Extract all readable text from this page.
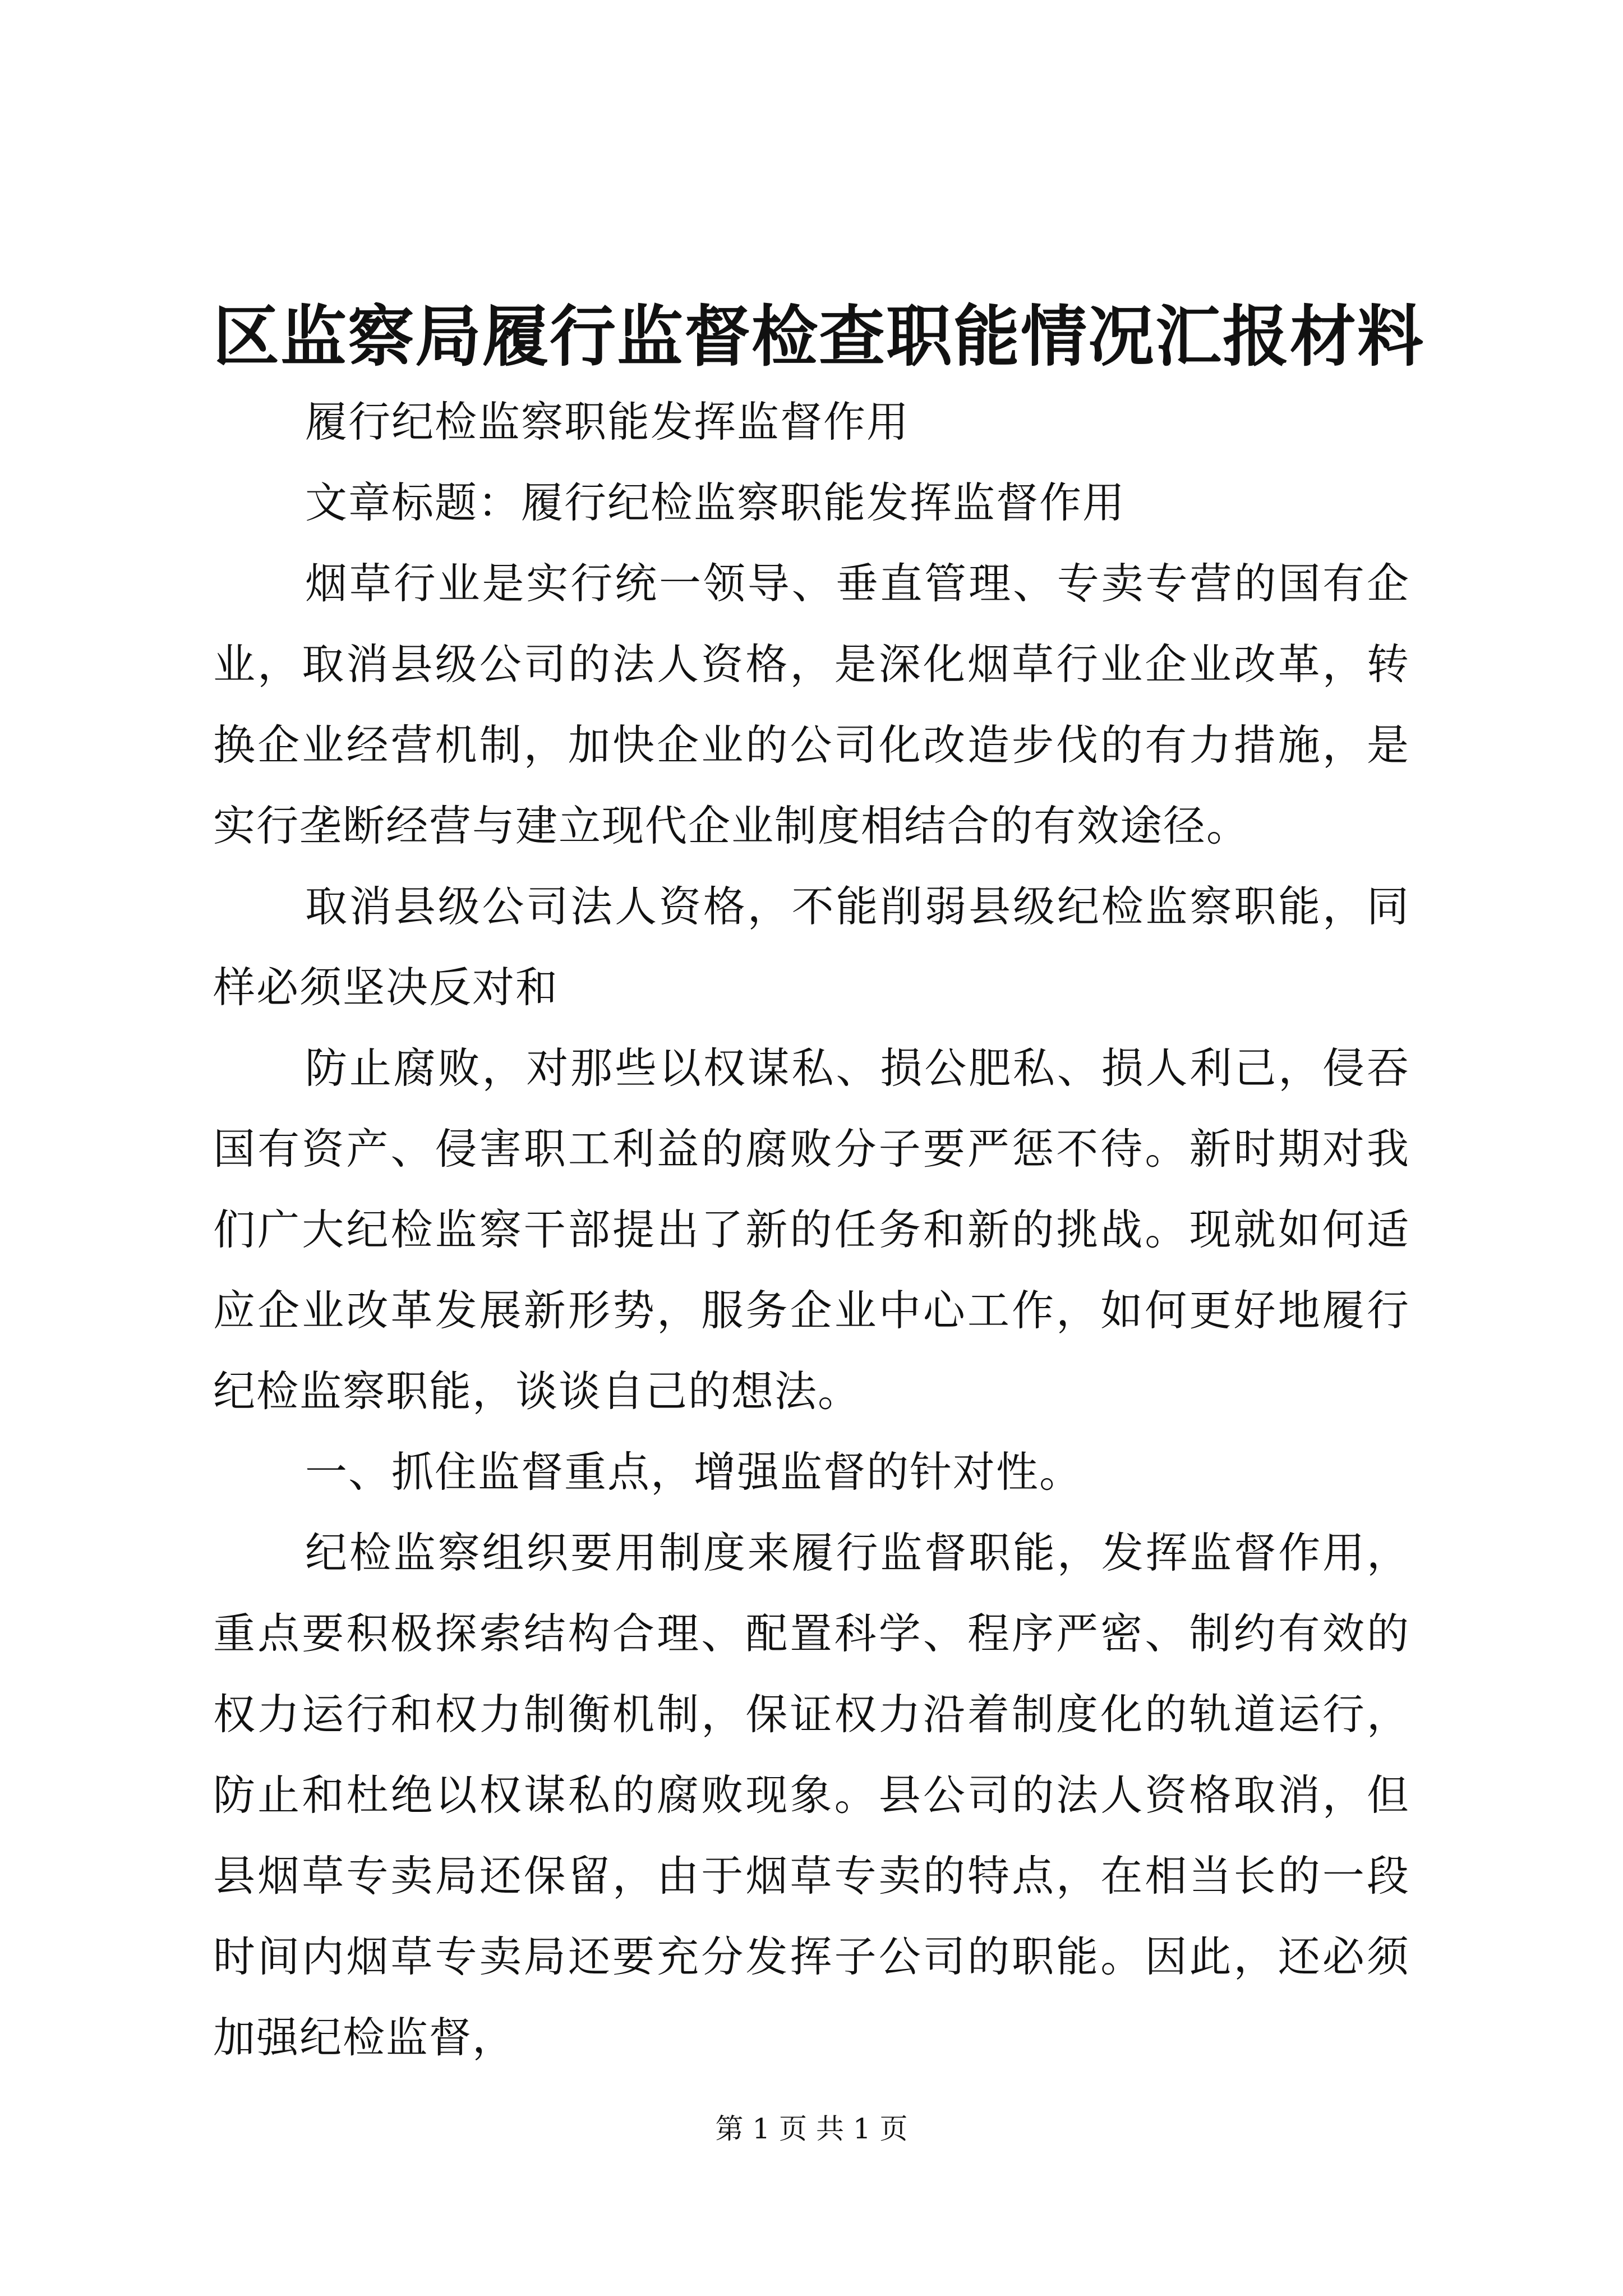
区监察局履行监督检查职能情况汇报材料

履行纪检监察职能发挥监督作用

文章标题：履行纪检监察职能发挥监督作用

烟草行业是实行统一领导、垂直管理、专卖专营的国有企业，取消县级公司的法人资格，是深化烟草行业企业改革，转换企业经营机制，加快企业的公司化改造步伐的有力措施，是实行垄断经营与建立现代企业制度相结合的有效途径。

取消县级公司法人资格，不能削弱县级纪检监察职能，同样必须坚决反对和

防止腐败，对那些以权谋私、损公肥私、损人利己，侵吞国有资产、侵害职工利益的腐败分子要严惩不待。新时期对我们广大纪检监察干部提出了新的任务和新的挑战。现就如何适应企业改革发展新形势，服务企业中心工作，如何更好地履行纪检监察职能，谈谈自己的想法。

一、抓住监督重点，增强监督的针对性。

纪检监察组织要用制度来履行监督职能，发挥监督作用，重点要积极探索结构合理、配置科学、程序严密、制约有效的权力运行和权力制衡机制，保证权力沿着制度化的轨道运行，防止和杜绝以权谋私的腐败现象。县公司的法人资格取消，但县烟草专卖局还保留，由于烟草专卖的特点，在相当长的一段时间内烟草专卖局还要充分发挥子公司的职能。因此，还必须加强纪检监督，

第 1 页 共 1 页
